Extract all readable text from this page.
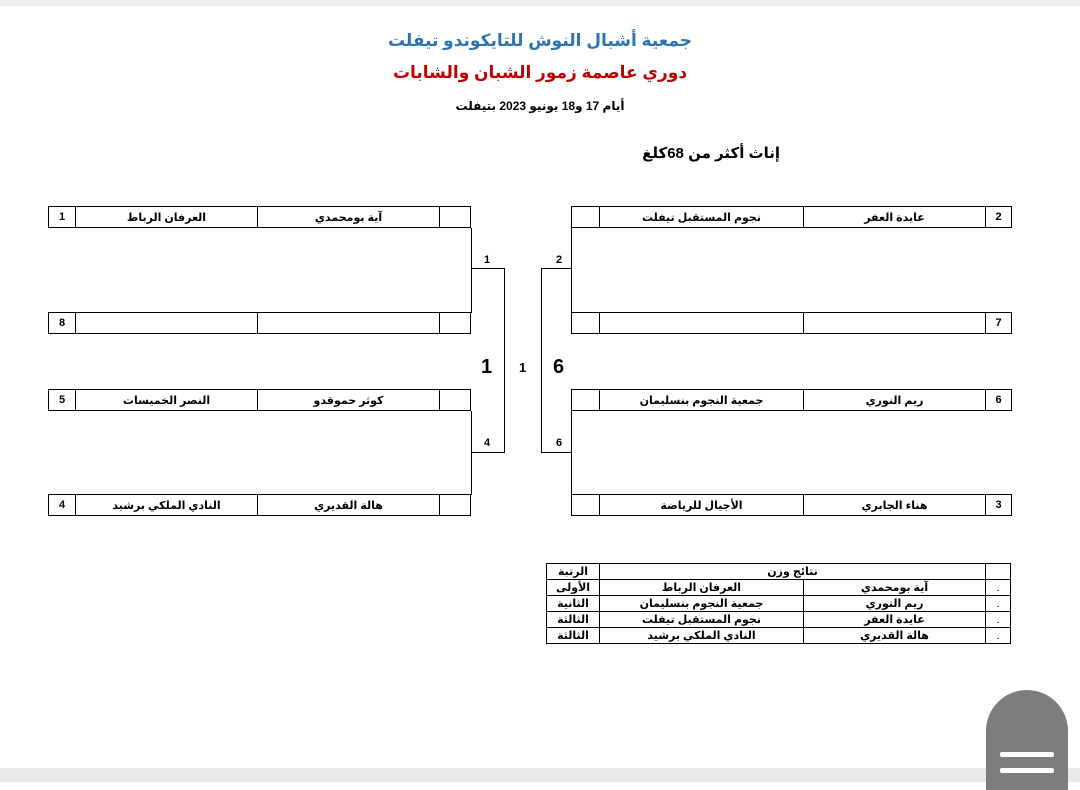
جمعية أشبال النوش للتايكوندو تيفلت
دوري عاصمة زمور الشبان والشابات
أيام 17 و18 يونيو 2023 بتيفلت
إناث أكثر من 68كلغ
1	العرفان الرباط	آية بومحمدي
8
5	النصر الخميسات	كوثر حموقدو
4	النادي الملكي برشيد	هالة القديري
نجوم المستقبل تيفلت	عايدة العفر	2
7
جمعية النجوم بنسليمان	ريم النوري	6
الأجيال للرياضة	هناء الجابري	3
1
4
2
6
1 1 6
الرتبة	نتائج وزن
الأولى	العرفان الرباط	آية بومحمدي	.
الثانية	جمعية النجوم بنسليمان	ريم النوري	.
الثالثة	نجوم المستقبل تيفلت	عايدة العفر	.
الثالثة	النادي الملكي برشيد	هالة القديري	.
